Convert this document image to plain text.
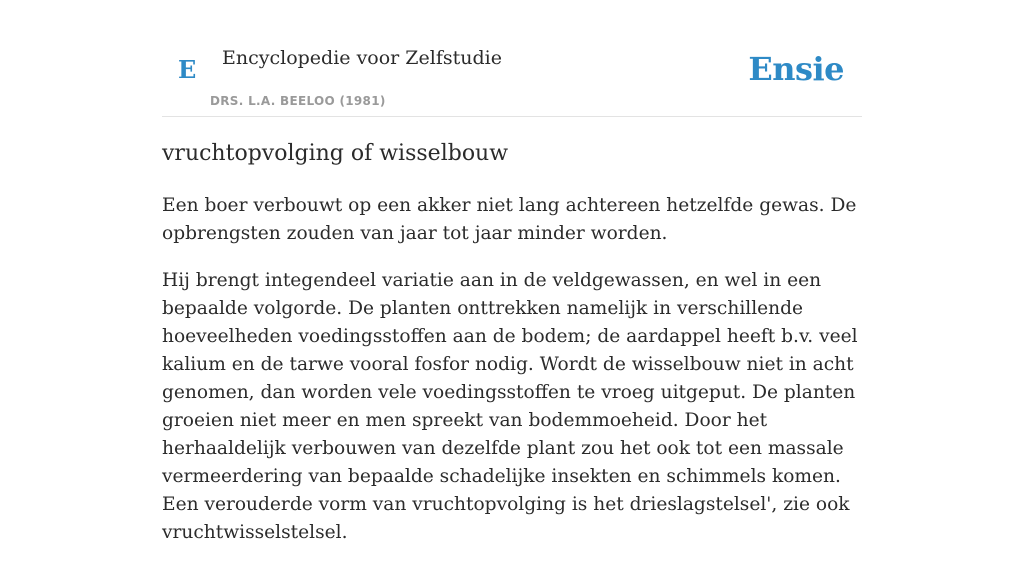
E Encyclopedie voor Zelfstudie
DRS. L.A. BEELOO (1981)
Ensie
vruchtopvolging of wisselbouw

Een boer verbouwt op een akker niet lang achtereen hetzelfde gewas. De opbrengsten zouden van jaar tot jaar minder worden.

Hij brengt integendeel variatie aan in de veldgewassen, en wel in een bepaalde volgorde. De planten onttrekken namelijk in verschillende hoeveelheden voedingsstoffen aan de bodem; de aardappel heeft b.v. veel kalium en de tarwe vooral fosfor nodig. Wordt de wisselbouw niet in acht genomen, dan worden vele voedingsstoffen te vroeg uitgeput. De planten groeien niet meer en men spreekt van bodemmoeheid. Door het herhaaldelijk verbouwen van dezelfde plant zou het ook tot een massale vermeerdering van bepaalde schadelijke insekten en schimmels komen. Een verouderde vorm van vruchtopvolging is het drieslagstelsel', zie ook vruchtwisselstelsel.
